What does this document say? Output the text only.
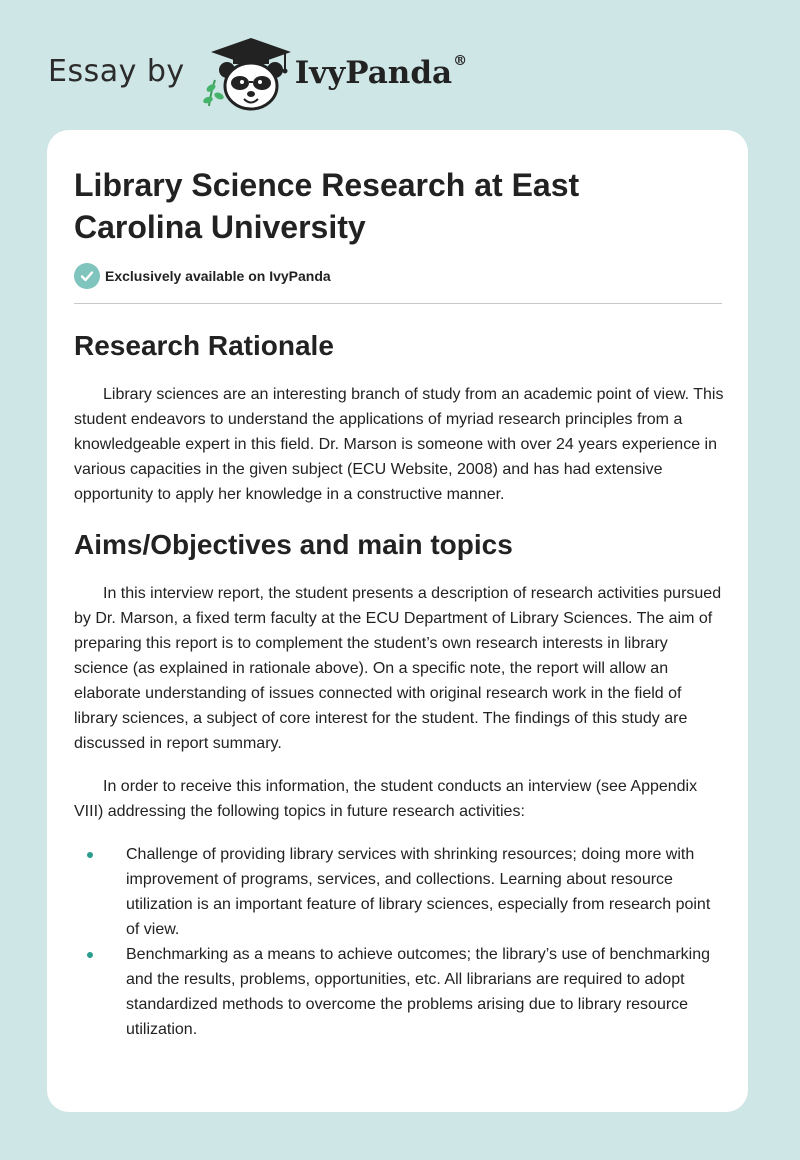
Essay by	IvyPanda®
Library Science Research at East Carolina University
Exclusively available on IvyPanda
Research Rationale

Library sciences are an interesting branch of study from an academic point of view. This student endeavors to understand the applications of myriad research principles from a knowledgeable expert in this field. Dr. Marson is someone with over 24 years experience in various capacities in the given subject (ECU Website, 2008) and has had extensive opportunity to apply her knowledge in a constructive manner.

Aims/Objectives and main topics

In this interview report, the student presents a description of research activities pursued by Dr. Marson, a fixed term faculty at the ECU Department of Library Sciences. The aim of preparing this report is to complement the student’s own research interests in library science (as explained in rationale above). On a specific note, the report will allow an elaborate understanding of issues connected with original research work in the field of library sciences, a subject of core interest for the student. The findings of this study are discussed in report summary.

In order to receive this information, the student conducts an interview (see Appendix VIII) addressing the following topics in future research activities:

Challenge of providing library services with shrinking resources; doing more with improvement of programs, services, and collections. Learning about resource utilization is an important feature of library sciences, especially from research point of view.
Benchmarking as a means to achieve outcomes; the library’s use of benchmarking and the results, problems, opportunities, etc. All librarians are required to adopt standardized methods to overcome the problems arising due to library resource utilization.
